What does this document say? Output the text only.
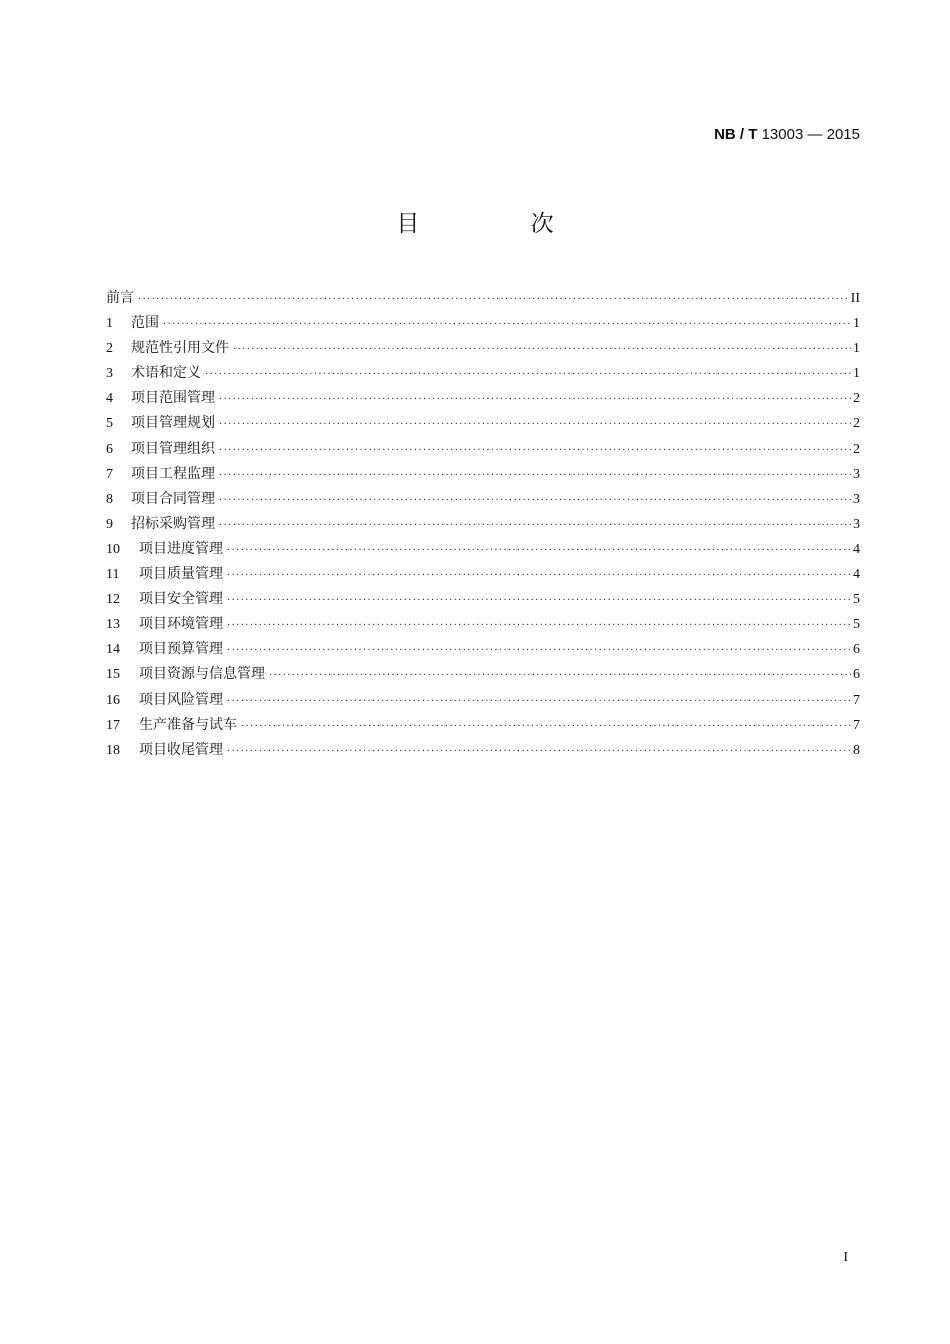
NB / T 13003 — 2015
目 次
前言 ·····	II
1	范围 ·····	1
2	规范性引用文件 ·····	1
3	术语和定义 ·····	1
4	项目范围管理 ·····	2
5	项目管理规划 ·····	2
6	项目管理组织 ·····	2
7	项目工程监理 ·····	3
8	项目合同管理 ·····	3
9	招标采购管理 ·····	3
10	项目进度管理 ·····	4
11	项目质量管理 ·····	4
12	项目安全管理 ·····	5
13	项目环境管理 ·····	5
14	项目预算管理 ·····	6
15	项目资源与信息管理 ·····	6
16	项目风险管理 ·····	7
17	生产准备与试车 ·····	7
18	项目收尾管理 ·····	8
I
